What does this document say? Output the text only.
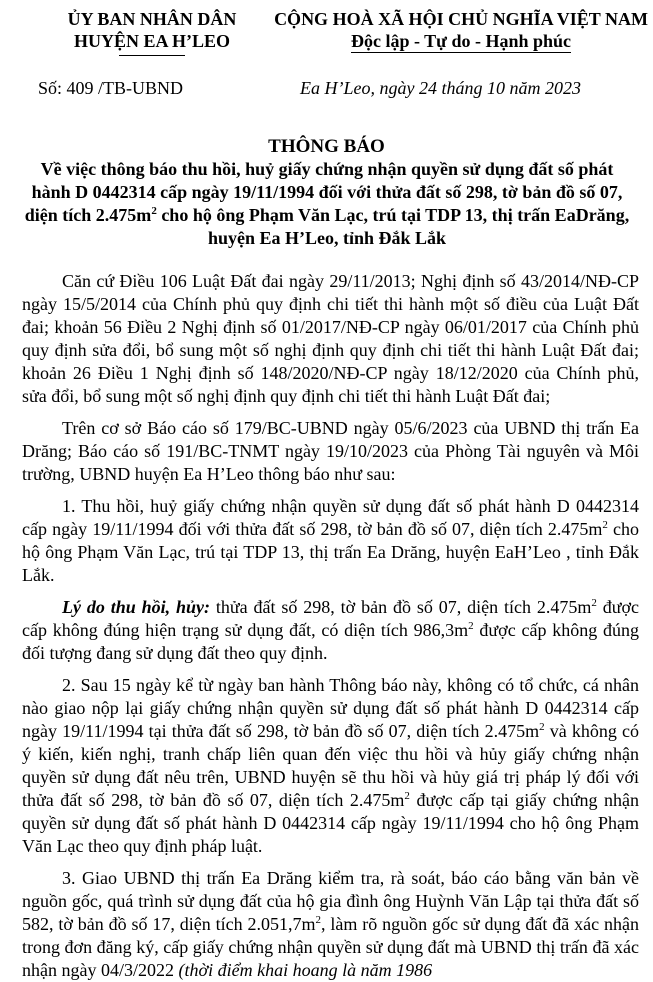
ỦY BAN NHÂN DÂN
HUYỆN EA H’LEO
CỘNG HOÀ XÃ HỘI CHỦ NGHĨA VIỆT NAM
Độc lập - Tự do - Hạnh phúc
Số: 409 /TB-UBND	Ea H’Leo, ngày 24 tháng 10 năm 2023
THÔNG BÁO
Về việc thông báo thu hồi, huỷ giấy chứng nhận quyền sử dụng đất số phát hành D 0442314 cấp ngày 19/11/1994 đối với thửa đất số 298, tờ bản đồ số 07, diện tích $2.475m^2$ cho hộ ông Phạm Văn Lạc, trú tại TDP 13, thị trấn EaDrăng, huyện Ea H’Leo, tỉnh Đắk Lắk

Căn cứ Điều 106 Luật Đất đai ngày 29/11/2013; Nghị định số 43/2014/NĐ-CP ngày 15/5/2014 của Chính phủ quy định chi tiết thi hành một số điều của Luật Đất đai; khoản 56 Điều 2 Nghị định số 01/2017/NĐ-CP ngày 06/01/2017 của Chính phủ quy định sửa đổi, bổ sung một số nghị định quy định chi tiết thi hành Luật Đất đai; khoản 26 Điều 1 Nghị định số 148/2020/NĐ-CP ngày 18/12/2020 của Chính phủ, sửa đổi, bổ sung một số nghị định quy định chi tiết thi hành Luật Đất đai;

Trên cơ sở Báo cáo số 179/BC-UBND ngày 05/6/2023 của UBND thị trấn Ea Drăng; Báo cáo số 191/BC-TNMT ngày 19/10/2023 của Phòng Tài nguyên và Môi trường, UBND huyện Ea H’Leo thông báo như sau:

1. Thu hồi, huỷ giấy chứng nhận quyền sử dụng đất số phát hành D 0442314 cấp ngày 19/11/1994 đối với thửa đất số 298, tờ bản đồ số 07, diện tích $2.475m^2$ cho hộ ông Phạm Văn Lạc, trú tại TDP 13, thị trấn Ea Drăng, huyện EaH’Leo , tỉnh Đắk Lắk.

Lý do thu hồi, hủy: thửa đất số 298, tờ bản đồ số 07, diện tích $2.475m^2$ được cấp không đúng hiện trạng sử dụng đất, có diện tích $986,3m^2$ được cấp không đúng đối tượng đang sử dụng đất theo quy định.

2. Sau 15 ngày kể từ ngày ban hành Thông báo này, không có tổ chức, cá nhân nào giao nộp lại giấy chứng nhận quyền sử dụng đất số phát hành D 0442314 cấp ngày 19/11/1994 tại thửa đất số 298, tờ bản đồ số 07, diện tích $2.475m^2$ và không có ý kiến, kiến nghị, tranh chấp liên quan đến việc thu hồi và hủy giấy chứng nhận quyền sử dụng đất nêu trên, UBND huyện sẽ thu hồi và hủy giá trị pháp lý đối với thửa đất số 298, tờ bản đồ số 07, diện tích $2.475m^2$ được cấp tại giấy chứng nhận quyền sử dụng đất số phát hành D 0442314 cấp ngày 19/11/1994 cho hộ ông Phạm Văn Lạc theo quy định pháp luật.

3. Giao UBND thị trấn Ea Drăng kiểm tra, rà soát, báo cáo bằng văn bản về nguồn gốc, quá trình sử dụng đất của hộ gia đình ông Huỳnh Văn Lập tại thửa đất số 582, tờ bản đồ số 17, diện tích $2.051,7m^2$, làm rõ nguồn gốc sử dụng đất đã xác nhận trong đơn đăng ký, cấp giấy chứng nhận quyền sử dụng đất mà UBND thị trấn đã xác nhận ngày 04/3/2022 (thời điểm khai hoang là năm 1986
